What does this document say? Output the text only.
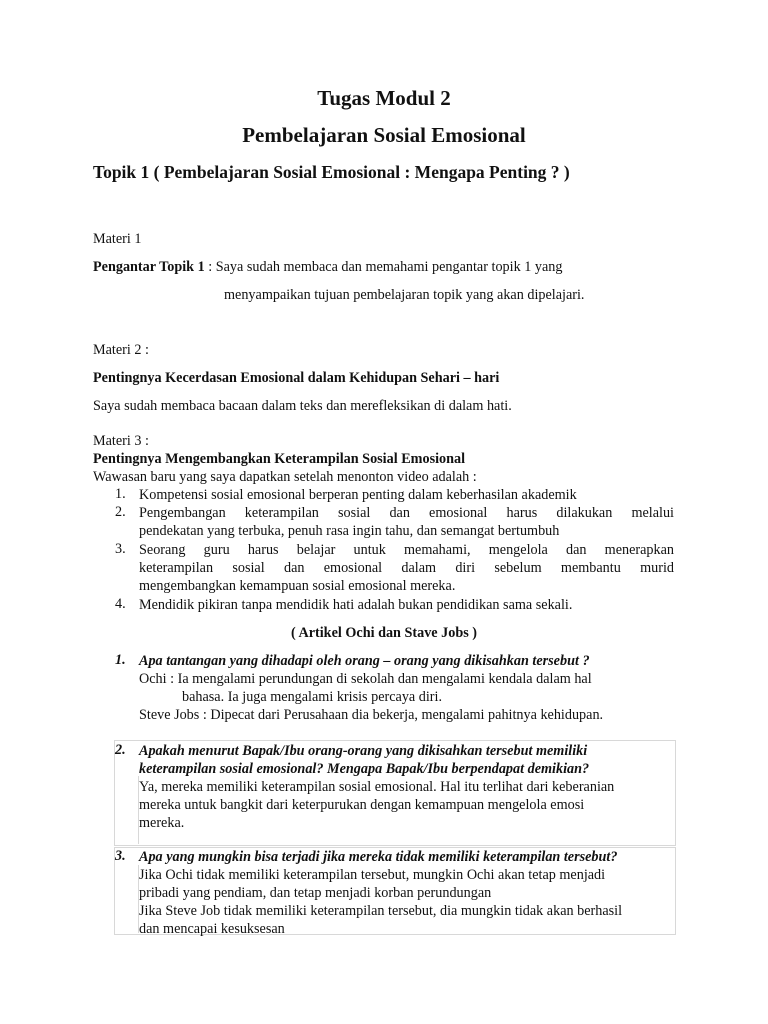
Tugas Modul 2

Pembelajaran Sosial Emosional

Topik 1 ( Pembelajaran Sosial Emosional : Mengapa Penting ? )

Materi 1

Pengantar Topik 1 : Saya sudah membaca dan memahami pengantar topik 1 yang

menyampaikan tujuan pembelajaran topik yang akan dipelajari.

Materi 2 :

Pentingnya Kecerdasan Emosional dalam Kehidupan Sehari – hari

Saya sudah membaca bacaan dalam teks dan merefleksikan di dalam hati.

Materi 3 :

Pentingnya Mengembangkan Keterampilan Sosial Emosional

Wawasan baru yang saya dapatkan setelah menonton video adalah :

1. Kompetensi sosial emosional berperan penting dalam keberhasilan akademik

2. Pengembangan keterampilan sosial dan emosional harus dilakukan melalui

pendekatan yang terbuka, penuh rasa ingin tahu, dan semangat bertumbuh

3. Seorang guru harus belajar untuk memahami, mengelola dan menerapkan

keterampilan sosial dan emosional dalam diri sebelum membantu murid

mengembangkan kemampuan sosial emosional mereka.

4. Mendidik pikiran tanpa mendidik hati adalah bukan pendidikan sama sekali.

( Artikel Ochi dan Stave Jobs )

1. Apa tantangan yang dihadapi oleh orang – orang yang dikisahkan tersebut ?

Ochi : Ia mengalami perundungan di sekolah dan mengalami kendala dalam hal

bahasa. Ia juga mengalami krisis percaya diri.

Steve Jobs : Dipecat dari Perusahaan dia bekerja, mengalami pahitnya kehidupan.

2. Apakah menurut Bapak/Ibu orang-orang yang dikisahkan tersebut memiliki

keterampilan sosial emosional? Mengapa Bapak/Ibu berpendapat demikian?

Ya, mereka memiliki keterampilan sosial emosional. Hal itu terlihat dari keberanian

mereka untuk bangkit dari keterpurukan dengan kemampuan mengelola emosi

mereka.

3. Apa yang mungkin bisa terjadi jika mereka tidak memiliki keterampilan tersebut?

Jika Ochi tidak memiliki keterampilan tersebut, mungkin Ochi akan tetap menjadi

pribadi yang pendiam, dan tetap menjadi korban perundungan

Jika Steve Job tidak memiliki keterampilan tersebut, dia mungkin tidak akan berhasil

dan mencapai kesuksesan
